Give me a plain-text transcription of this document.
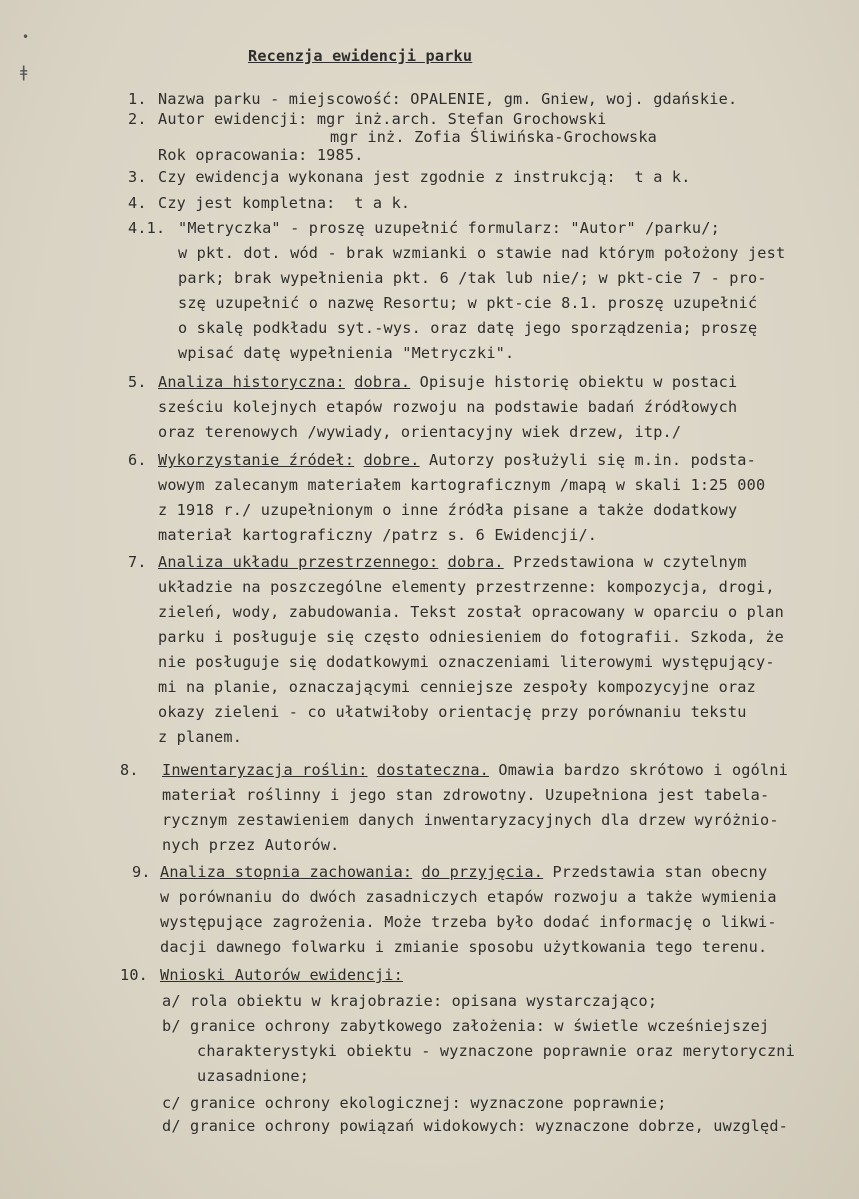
•
ǂ
Recenzja ewidencji parku
1. Nazwa parku - miejscowość: OPALENIE, gm. Gniew, woj. gdańskie.
2. Autor ewidencji: mgr inż.arch. Stefan Grochowski
mgr inż. Zofia Śliwińska-Grochowska
Rok opracowania: 1985.
3. Czy ewidencja wykonana jest zgodnie z instrukcją:  t a k.
4. Czy jest kompletna:  t a k.
4.1. "Metryczka" - proszę uzupełnić formularz: "Autor" /parku/;
w pkt. dot. wód - brak wzmianki o stawie nad którym położony jest
park; brak wypełnienia pkt. 6 /tak lub nie/; w pkt-cie 7 - pro-
szę uzupełnić o nazwę Resortu; w pkt-cie 8.1. proszę uzupełnić
o skalę podkładu syt.-wys. oraz datę jego sporządzenia; proszę
wpisać datę wypełnienia "Metryczki".
5. Analiza historyczna: dobra. Opisuje historię obiektu w postaci
sześciu kolejnych etapów rozwoju na podstawie badań źródłowych
oraz terenowych /wywiady, orientacyjny wiek drzew, itp./
6. Wykorzystanie źródeł: dobre. Autorzy posłużyli się m.in. podsta-
wowym zalecanym materiałem kartograficznym /mapą w skali 1:25 000
z 1918 r./ uzupełnionym o inne źródła pisane a także dodatkowy
materiał kartograficzny /patrz s. 6 Ewidencji/.
7. Analiza układu przestrzennego: dobra. Przedstawiona w czytelnym
układzie na poszczególne elementy przestrzenne: kompozycja, drogi,
zieleń, wody, zabudowania. Tekst został opracowany w oparciu o plan
parku i posługuje się często odniesieniem do fotografii. Szkoda, że
nie posługuje się dodatkowymi oznaczeniami literowymi występujący-
mi na planie, oznaczającymi cenniejsze zespoły kompozycyjne oraz
okazy zieleni - co ułatwiłoby orientację przy porównaniu tekstu
z planem.
8. Inwentaryzacja roślin: dostateczna. Omawia bardzo skrótowo i ogólni
materiał roślinny i jego stan zdrowotny. Uzupełniona jest tabela-
rycznym zestawieniem danych inwentaryzacyjnych dla drzew wyróżnio-
nych przez Autorów.
9. Analiza stopnia zachowania: do przyjęcia. Przedstawia stan obecny
w porównaniu do dwóch zasadniczych etapów rozwoju a także wymienia
występujące zagrożenia. Może trzeba było dodać informację o likwi-
dacji dawnego folwarku i zmianie sposobu użytkowania tego terenu.
10. Wnioski Autorów ewidencji:
a/ rola obiektu w krajobrazie: opisana wystarczająco;
b/ granice ochrony zabytkowego założenia: w świetle wcześniejszej
charakterystyki obiektu - wyznaczone poprawnie oraz merytoryczni
uzasadnione;
c/ granice ochrony ekologicznej: wyznaczone poprawnie;
d/ granice ochrony powiązań widokowych: wyznaczone dobrze, uwzględ-
